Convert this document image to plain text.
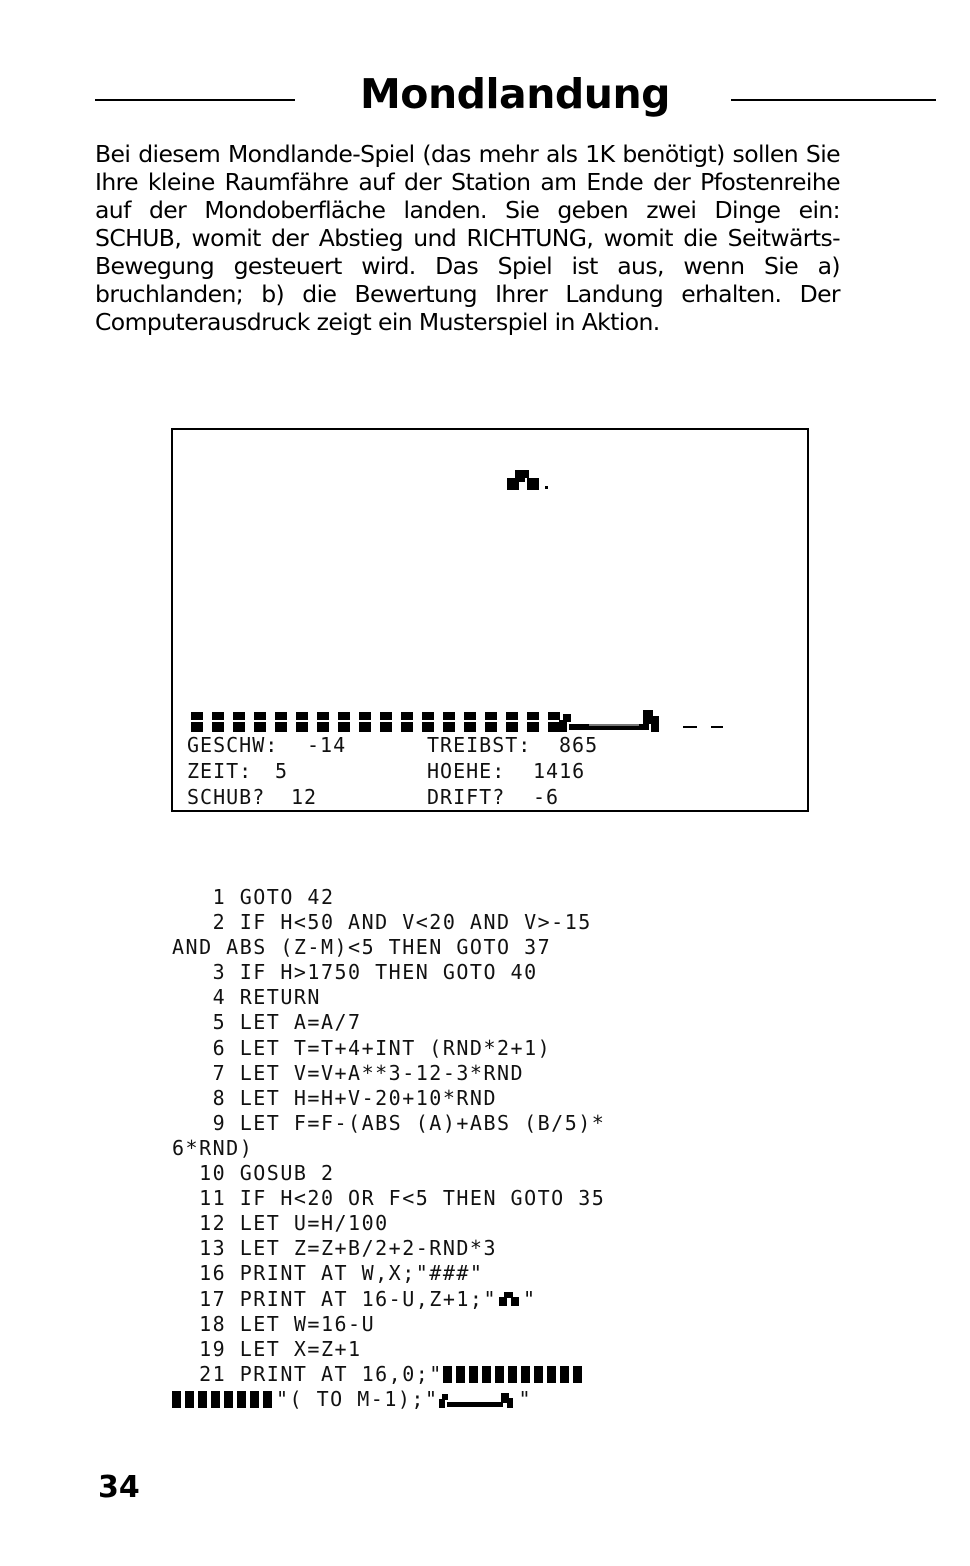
Mondlandung

Bei diesem Mondlande-Spiel (das mehr als 1K benötigt) sollen Sie Ihre kleine Raumfähre auf der Station am Ende der Pfostenreihe auf der Mondoberfläche landen. Sie geben zwei Dinge ein: SCHUB, womit der Abstieg und RICHTUNG, womit die Seitwärts-Bewegung gesteuert wird. Das Spiel ist aus, wenn Sie a) bruchlanden; b) die Bewertung Ihrer Landung erhalten. Der Computerausdruck zeigt ein Musterspiel in Aktion.

GESCHW: -14	TREIBST: 865
ZEIT: 5	HOEHE: 1416
SCHUB? 12	DRIFT? -6
1 GOTO 42
2 IF H<50 AND V<20 AND V>-15
AND ABS (Z-M)<5 THEN GOTO 37
3 IF H>1750 THEN GOTO 40
4 RETURN
5 LET A=A/7
6 LET T=T+4+INT (RND*2+1)
7 LET V=V+A**3-12-3*RND
8 LET H=H+V-20+10*RND
9 LET F=F-(ABS (A)+ABS (B/5)*
6*RND)
10 GOSUB 2
11 IF H<20 OR F<5 THEN GOTO 35
12 LET U=H/100
13 LET Z=Z+B/2+2-RND*3
16 PRINT AT W,X;"###"
17 PRINT AT 16-U,Z+1;" "
18 LET W=16-U
19 LET X=Z+1
21 PRINT AT 16,0;"
"( TO M-1);"	"
34
